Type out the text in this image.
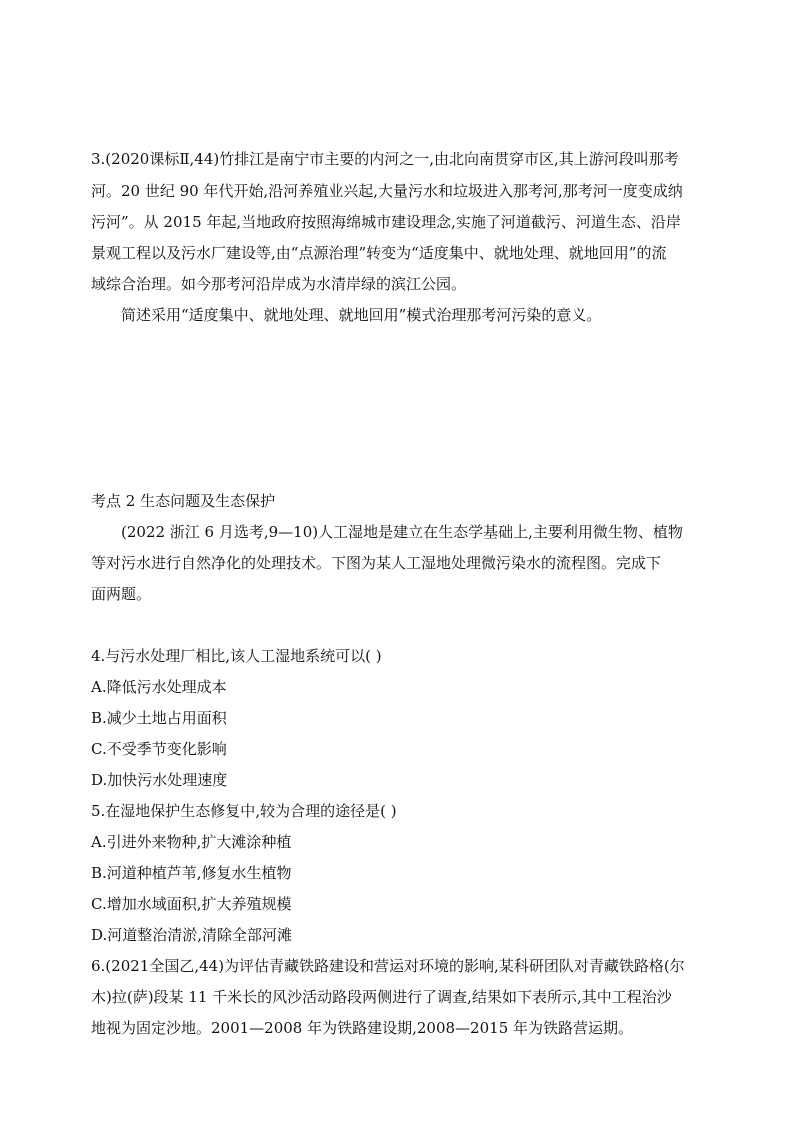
3.(2020课标Ⅱ,44)竹排江是南宁市主要的内河之一,由北向南贯穿市区,其上游河段叫那考
河。20 世纪 90 年代开始,沿河养殖业兴起,大量污水和垃圾进入那考河,那考河一度变成纳
污河”。从 2015 年起,当地政府按照海绵城市建设理念,实施了河道截污、河道生态、沿岸
景观工程以及污水厂建设等,由“点源治理”转变为“适度集中、就地处理、就地回用”的流
域综合治理。如今那考河沿岸成为水清岸绿的滨江公园。
简述采用“适度集中、就地处理、就地回用”模式治理那考河污染的意义。
考点 2 生态问题及生态保护
(2022 浙江 6 月选考,9—10)人工湿地是建立在生态学基础上,主要利用微生物、植物
等对污水进行自然净化的处理技术。下图为某人工湿地处理微污染水的流程图。完成下
面两题。
4.与污水处理厂相比,该人工湿地系统可以( )
A.降低污水处理成本
B.减少土地占用面积
C.不受季节变化影响
D.加快污水处理速度
5.在湿地保护生态修复中,较为合理的途径是( )
A.引进外来物种,扩大滩涂种植
B.河道种植芦苇,修复水生植物
C.增加水域面积,扩大养殖规模
D.河道整治清淤,清除全部河滩
6.(2021全国乙,44)为评估青藏铁路建设和营运对环境的影响,某科研团队对青藏铁路格(尔
木)拉(萨)段某 11 千米长的风沙活动路段两侧进行了调查,结果如下表所示,其中工程治沙
地视为固定沙地。2001—2008 年为铁路建设期,2008—2015 年为铁路营运期。
